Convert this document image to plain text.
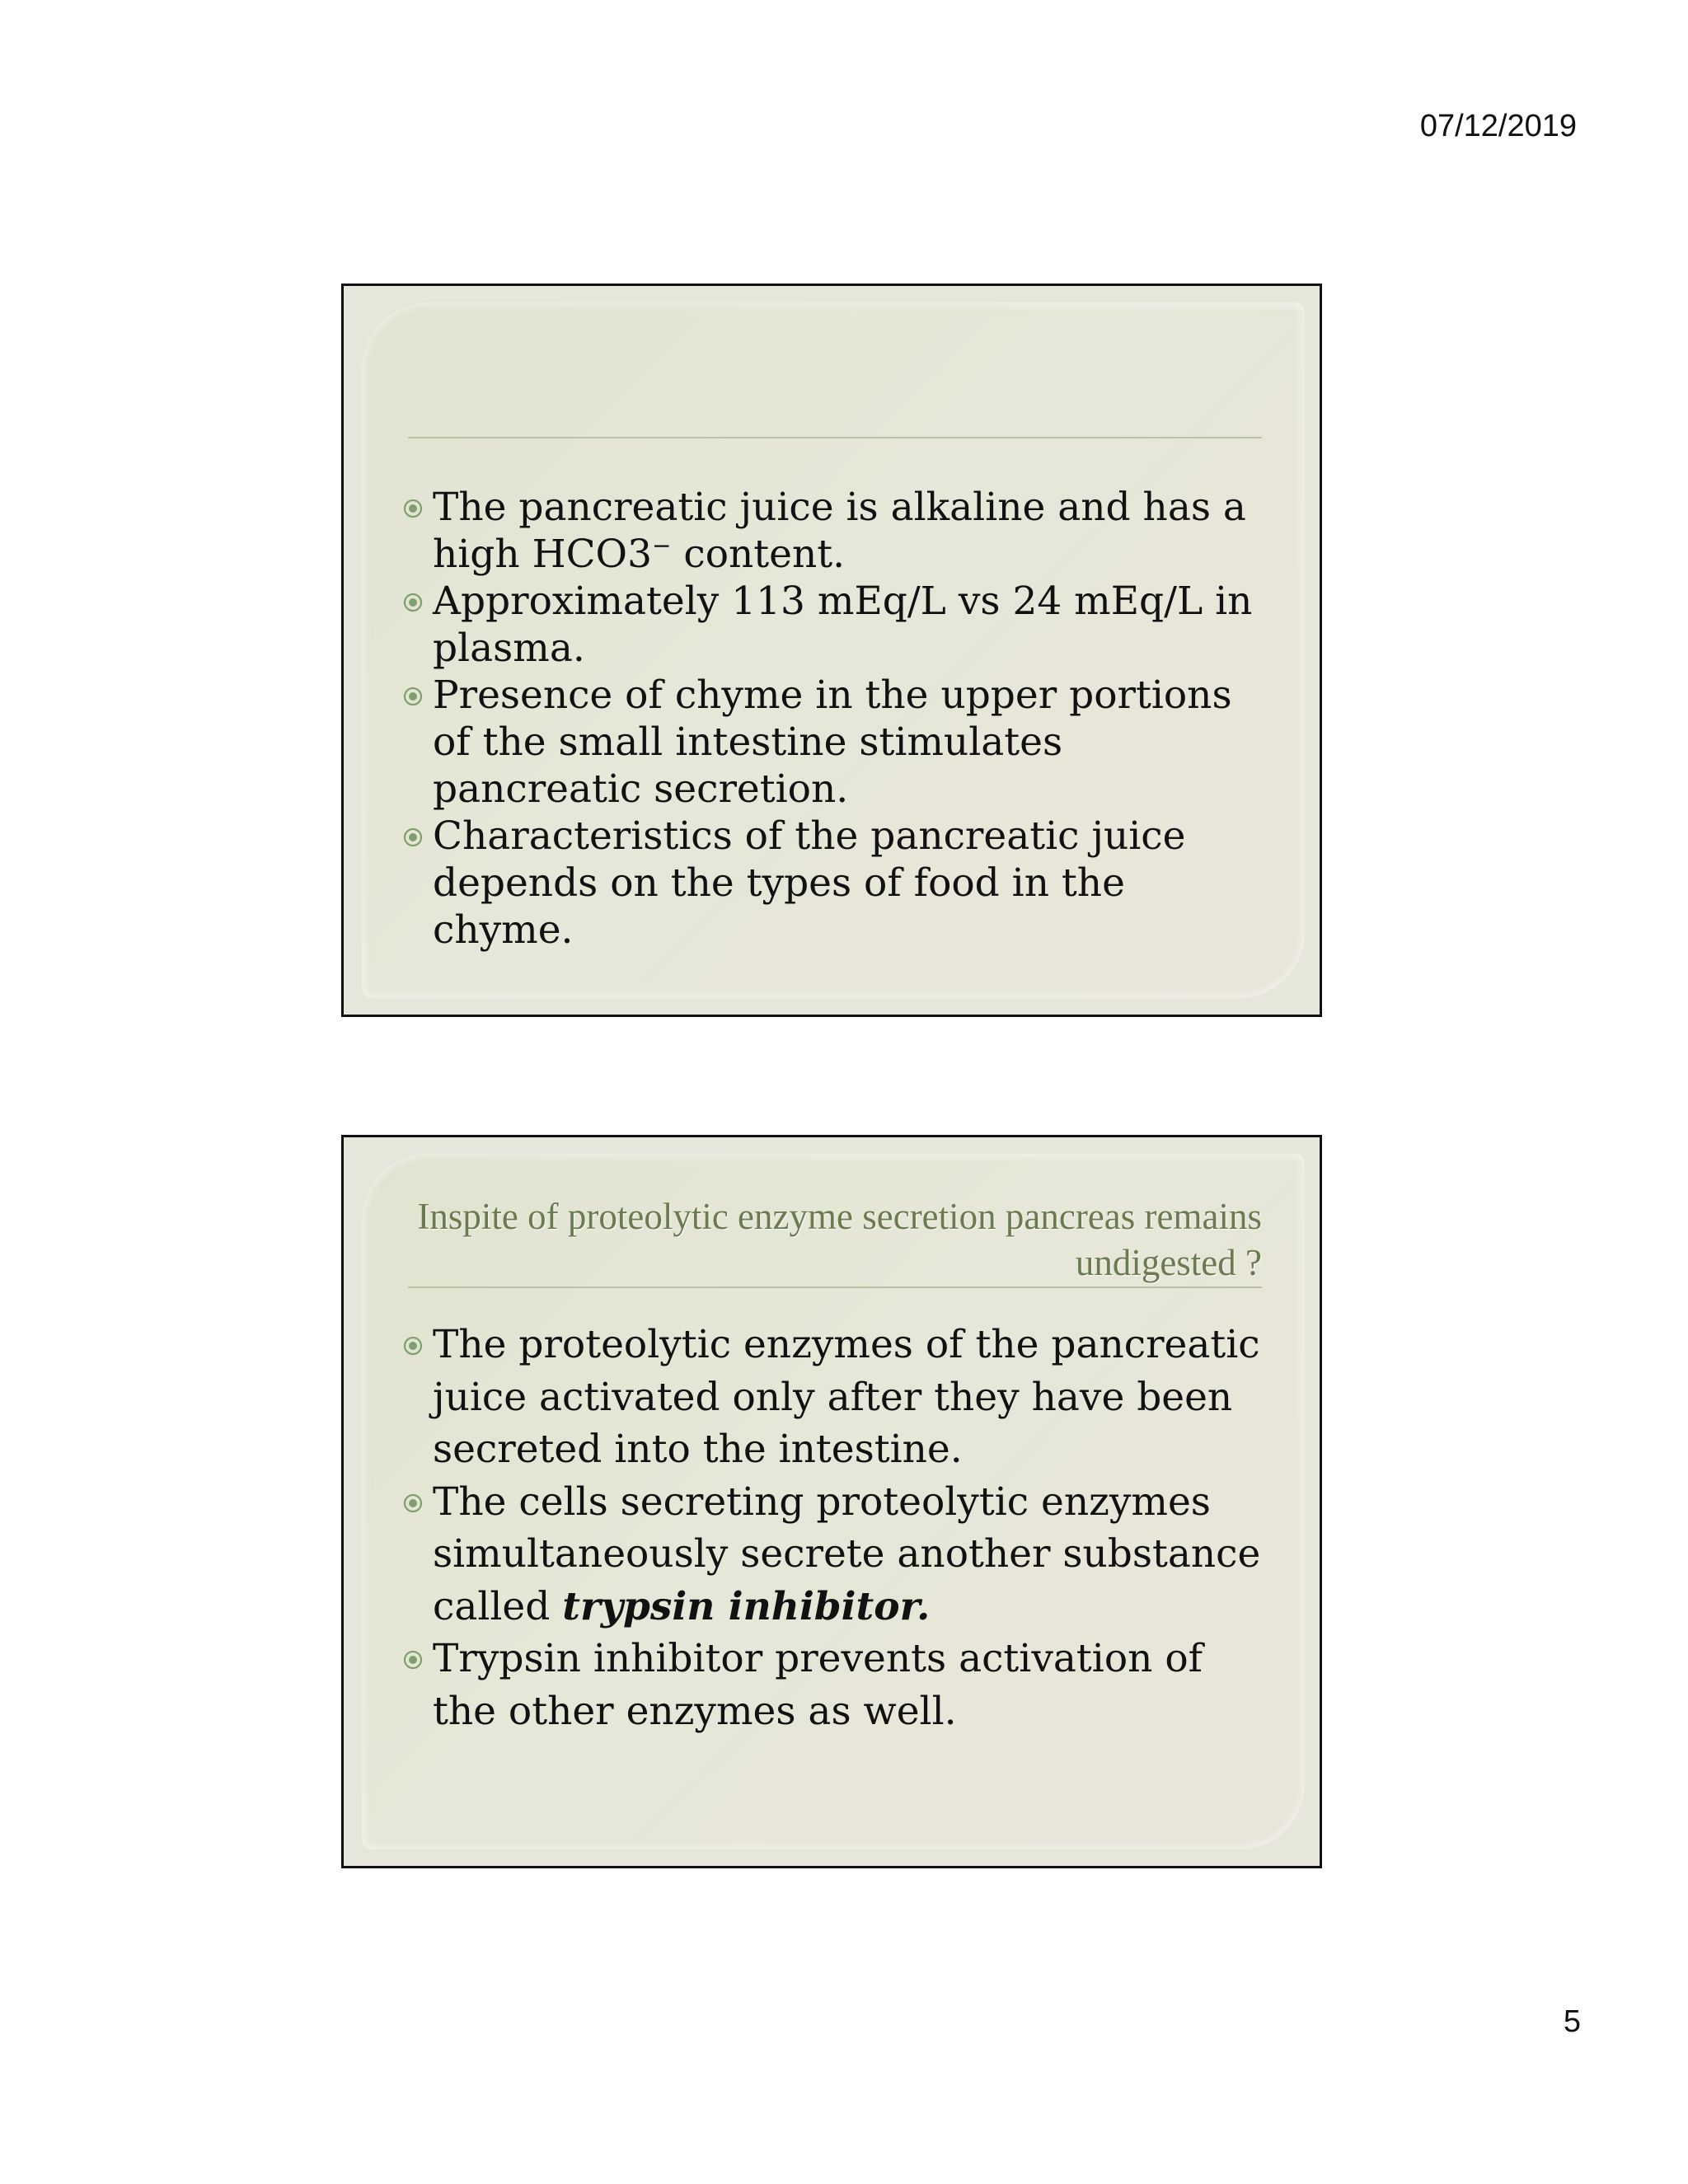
07/12/2019
The pancreatic juice is alkaline and has a high HCO3− content.
Approximately 113 mEq/L vs 24 mEq/L in plasma.
Presence of chyme in the upper portions of the small intestine stimulates pancreatic secretion.
Characteristics of the pancreatic juice depends on the types of food in the chyme.
Inspite of proteolytic enzyme secretion pancreas remains undigested ?
The proteolytic enzymes of the pancreatic juice activated only after they have been secreted into the intestine.
The cells secreting proteolytic enzymes simultaneously secrete another substance called trypsin inhibitor.
Trypsin inhibitor prevents activation of the other enzymes as well.
5
